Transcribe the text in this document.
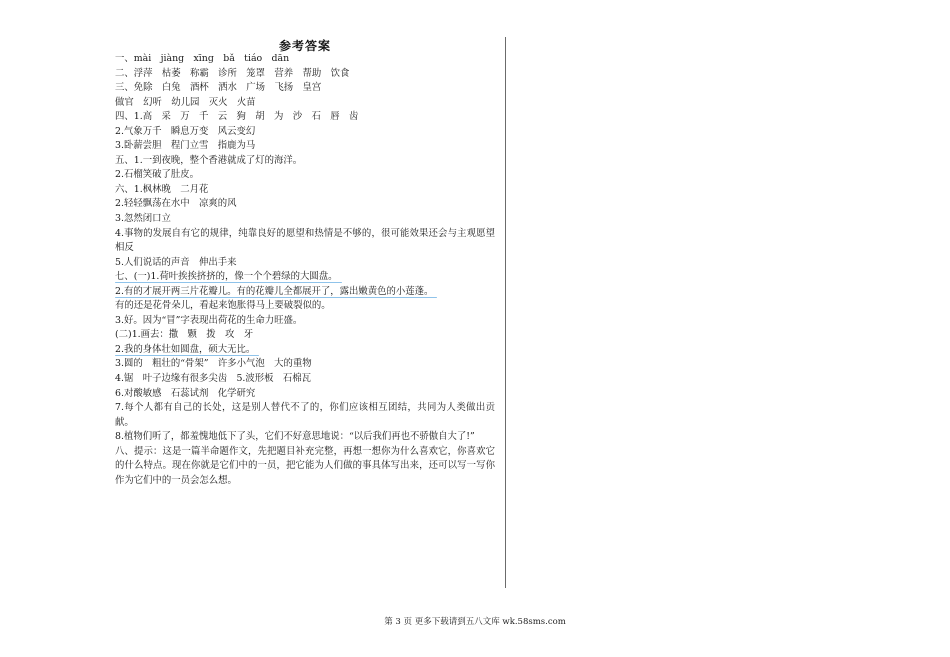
参考答案
一、mài　jiàng　xīng　bǎ　tiáo　dān
二、浮萍　枯萎　称霸　诊所　笼罩　营养　帮助　饮食
三、免除　白兔　酒杯　洒水　广场　飞扬　皇宫
做官　幻听　幼儿园　灭火　火苗
四、1.高　采　万　千　云　狗　胡　为　沙　石　唇　齿
2.气象万千　瞬息万变　风云变幻
3.卧薪尝胆　程门立雪　指鹿为马
五、1.一到夜晚，整个香港就成了灯的海洋。
2.石榴笑破了肚皮。
六、1.枫林晚　二月花
2.轻轻飘荡在水中　凉爽的风
3.忽然闭口立
4.事物的发展自有它的规律，纯靠良好的愿望和热情是不够的，很可能效果还会与主观愿望相反
5.人们说话的声音　伸出手来
七、(一)1.荷叶挨挨挤挤的，像一个个碧绿的大圆盘。
2.有的才展开两三片花瓣儿。有的花瓣儿全都展开了，露出嫩黄色的小莲蓬。
有的还是花骨朵儿，看起来饱胀得马上要破裂似的。
3.好。因为“冒”字表现出荷花的生命力旺盛。
(二)1.画去：撒　颗　拨　攻　牙
2.我的身体壮如圆盘，硕大无比。
3.圆的　粗壮的“骨架”　许多小气泡　大的重物
4.锯　叶子边缘有很多尖齿　5.波形板　石棉瓦
6.对酸敏感　石蕊试剂　化学研究
7.每个人都有自己的长处，这是别人替代不了的，你们应该相互团结，共同为人类做出贡献。
8.植物们听了，都羞愧地低下了头，它们不好意思地说：“以后我们再也不骄傲自大了!”
八、提示：这是一篇半命题作文，先把题目补充完整，再想一想你为什么喜欢它，你喜欢它的什么特点。现在你就是它们中的一员，把它能为人们做的事具体写出来，还可以写一写你作为它们中的一员会怎么想。
第 3 页 更多下载请到五八文库 wk.58sms.com
